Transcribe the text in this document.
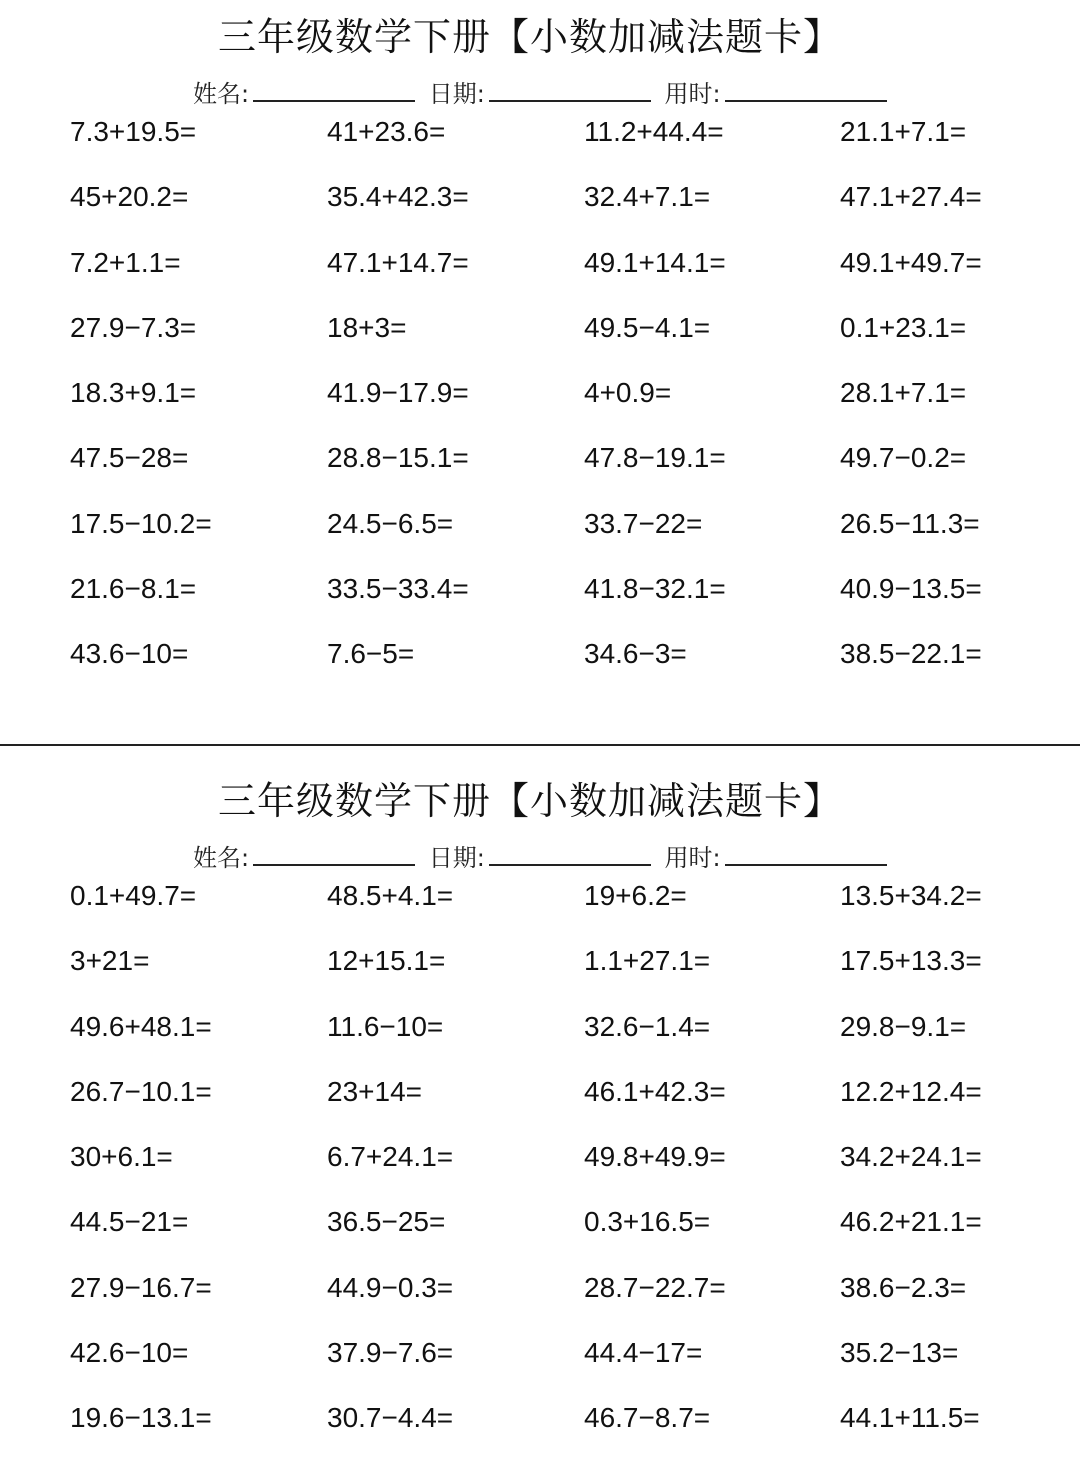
三年级数学下册【小数加减法题卡】
姓名:	日期:	用时:
7.3+19.5=	41+23.6=	11.2+44.4=	21.1+7.1=
45+20.2=	35.4+42.3=	32.4+7.1=	47.1+27.4=
7.2+1.1=	47.1+14.7=	49.1+14.1=	49.1+49.7=
27.9−7.3=	18+3=	49.5−4.1=	0.1+23.1=
18.3+9.1=	41.9−17.9=	4+0.9=	28.1+7.1=
47.5−28=	28.8−15.1=	47.8−19.1=	49.7−0.2=
17.5−10.2=	24.5−6.5=	33.7−22=	26.5−11.3=
21.6−8.1=	33.5−33.4=	41.8−32.1=	40.9−13.5=
43.6−10=	7.6−5=	34.6−3=	38.5−22.1=
三年级数学下册【小数加减法题卡】
姓名:	日期:	用时:
0.1+49.7=	48.5+4.1=	19+6.2=	13.5+34.2=
3+21=	12+15.1=	1.1+27.1=	17.5+13.3=
49.6+48.1=	11.6−10=	32.6−1.4=	29.8−9.1=
26.7−10.1=	23+14=	46.1+42.3=	12.2+12.4=
30+6.1=	6.7+24.1=	49.8+49.9=	34.2+24.1=
44.5−21=	36.5−25=	0.3+16.5=	46.2+21.1=
27.9−16.7=	44.9−0.3=	28.7−22.7=	38.6−2.3=
42.6−10=	37.9−7.6=	44.4−17=	35.2−13=
19.6−13.1=	30.7−4.4=	46.7−8.7=	44.1+11.5=
